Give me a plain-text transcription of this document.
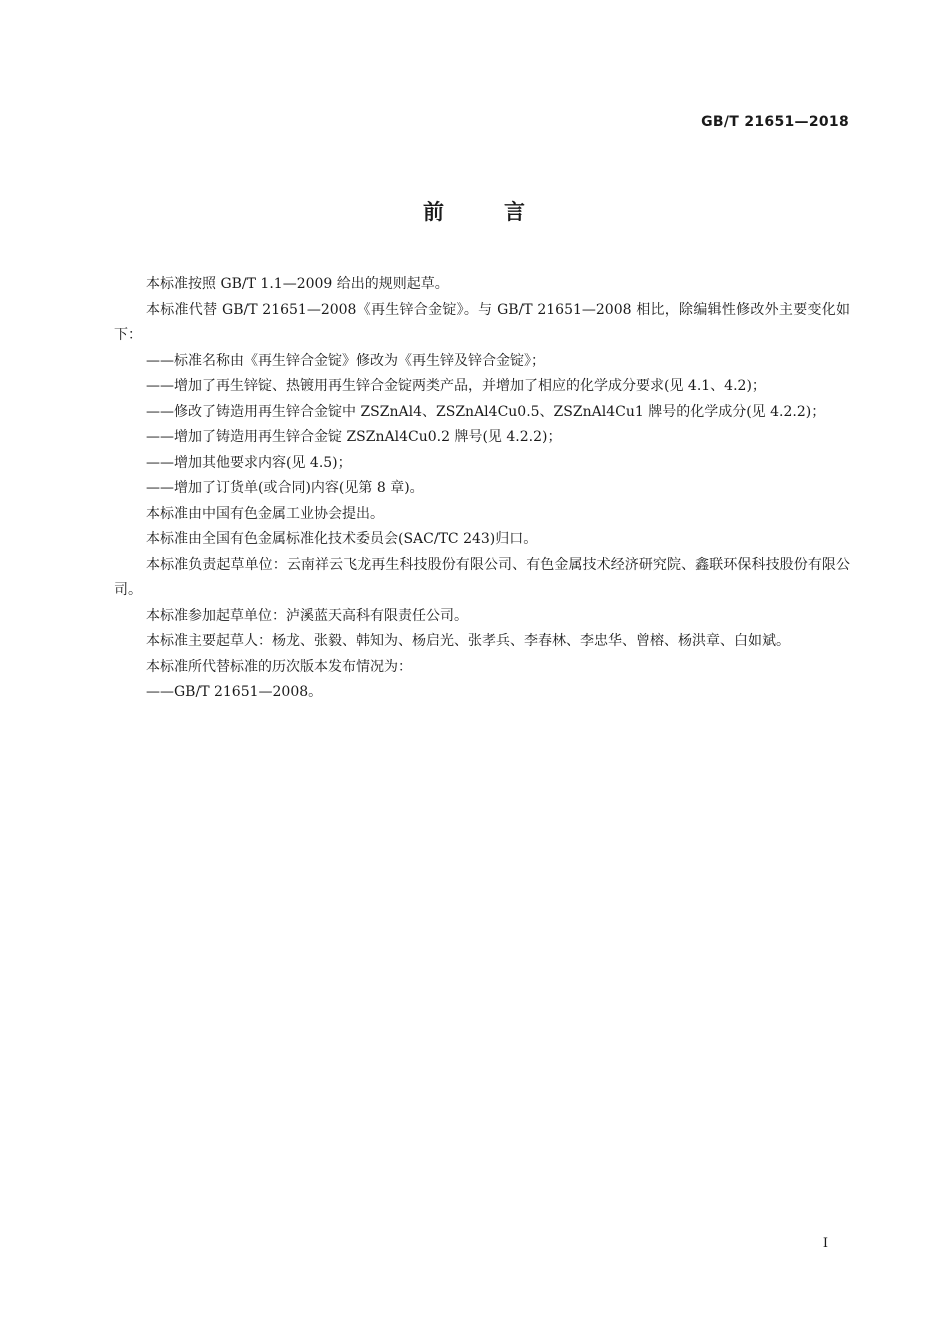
GB/T 21651—2018
前	言

本标准按照 GB/T 1.1—2009 给出的规则起草。

本标准代替 GB/T 21651—2008《再生锌合金锭》。与 GB/T 21651—2008 相比，除编辑性修改外主要变化如下：

——标准名称由《再生锌合金锭》修改为《再生锌及锌合金锭》；

——增加了再生锌锭、热镀用再生锌合金锭两类产品，并增加了相应的化学成分要求(见 4.1、4.2)；

——修改了铸造用再生锌合金锭中 ZSZnAl4、ZSZnAl4Cu0.5、ZSZnAl4Cu1 牌号的化学成分(见 4.2.2)；

——增加了铸造用再生锌合金锭 ZSZnAl4Cu0.2 牌号(见 4.2.2)；

——增加其他要求内容(见 4.5)；

——增加了订货单(或合同)内容(见第 8 章)。

本标准由中国有色金属工业协会提出。

本标准由全国有色金属标准化技术委员会(SAC/TC 243)归口。

本标准负责起草单位：云南祥云飞龙再生科技股份有限公司、有色金属技术经济研究院、鑫联环保科技股份有限公司。

本标准参加起草单位：泸溪蓝天高科有限责任公司。

本标准主要起草人：杨龙、张毅、韩知为、杨启光、张孝兵、李春林、李忠华、曾榕、杨洪章、白如斌。

本标准所代替标准的历次版本发布情况为：

——GB/T 21651—2008。

I
